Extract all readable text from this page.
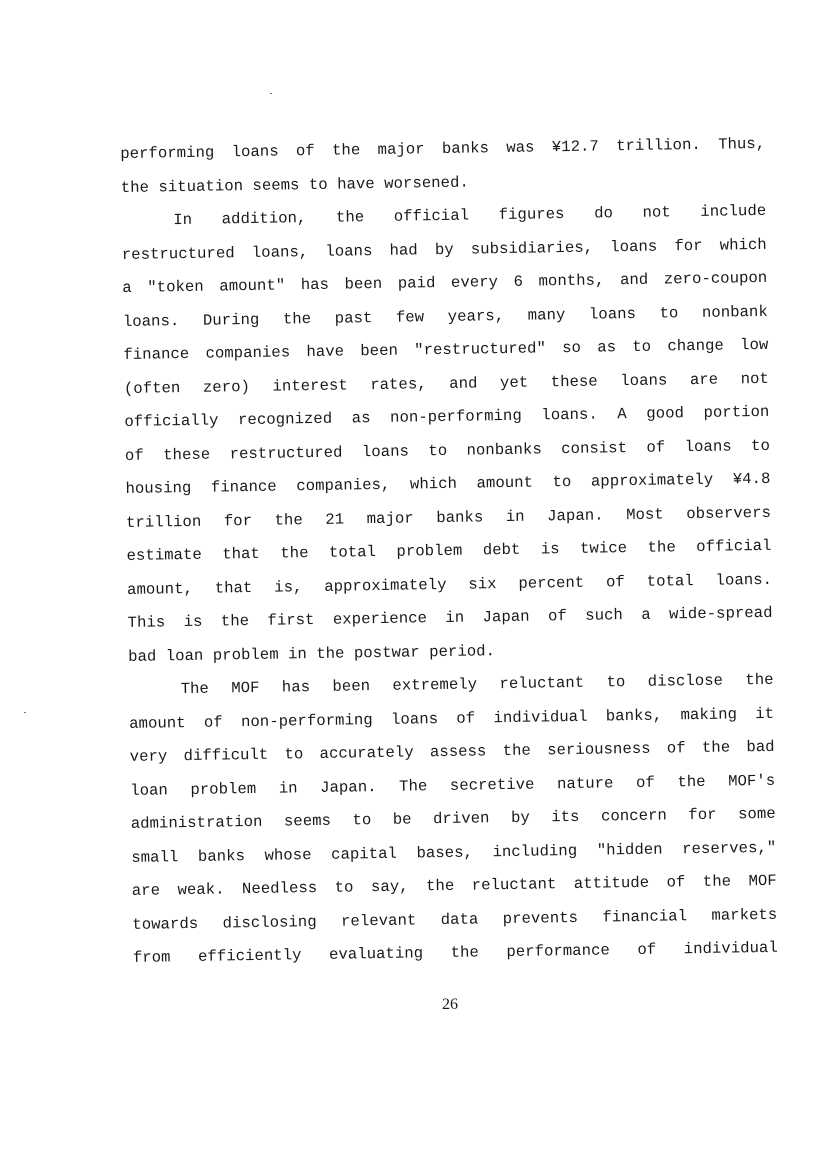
performing loans of the major banks was ¥12.7 trillion. Thus,
the situation seems to have worsened.
In addition, the official figures do not include
restructured loans, loans had by subsidiaries, loans for which
a "token amount" has been paid every 6 months, and zero-coupon
loans. During the past few years, many loans to nonbank
finance companies have been "restructured" so as to change low
(often zero) interest rates, and yet these loans are not
officially recognized as non-performing loans. A good portion
of these restructured loans to nonbanks consist of loans to
housing finance companies, which amount to approximately ¥4.8
trillion for the 21 major banks in Japan. Most observers
estimate that the total problem debt is twice the official
amount, that is, approximately six percent of total loans.
This is the first experience in Japan of such a wide-spread
bad loan problem in the postwar period.
The MOF has been extremely reluctant to disclose the
amount of non-performing loans of individual banks, making it
very difficult to accurately assess the seriousness of the bad
loan problem in Japan. The secretive nature of the MOF's
administration seems to be driven by its concern for some
small banks whose capital bases, including "hidden reserves,"
are weak. Needless to say, the reluctant attitude of the MOF
towards disclosing relevant data prevents financial markets
from efficiently evaluating the performance of individual
26
